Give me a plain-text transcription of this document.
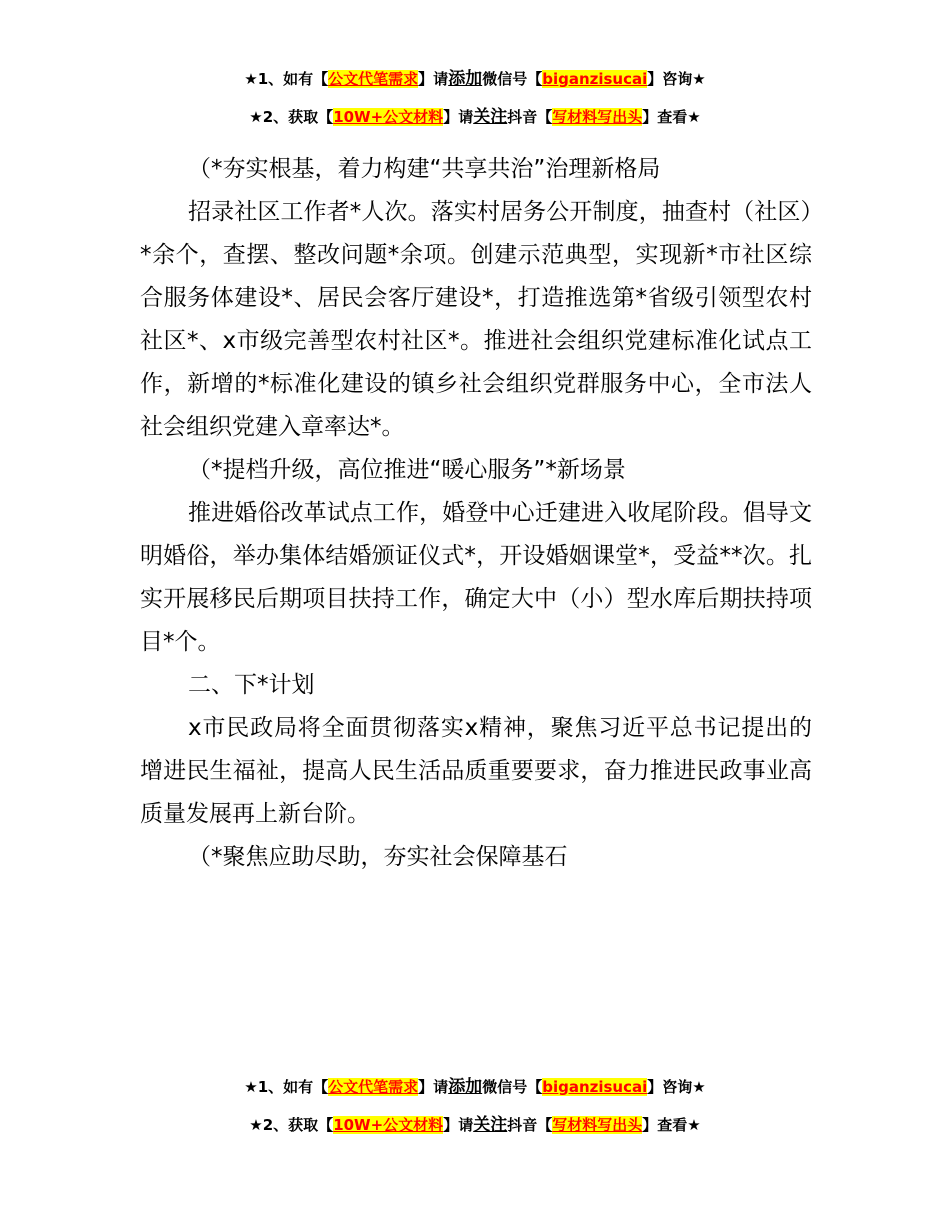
★1、如有【公文代笔需求】请添加微信号【biganzisucai】咨询★
★2、获取【10W+公文材料】请关注抖音【写材料写出头】查看★

（*夯实根基，着力构建“共享共治”治理新格局

招录社区工作者*人次。落实村居务公开制度，抽查村（社区）*余个，查摆、整改问题*余项。创建示范典型，实现新*市社区综合服务体建设*、居民会客厅建设*，打造推选第*省级引领型农村社区*、x市级完善型农村社区*。推进社会组织党建标准化试点工作，新增的*标准化建设的镇乡社会组织党群服务中心，全市法人社会组织党建入章率达*。

（*提档升级，高位推进“暖心服务”*新场景

推进婚俗改革试点工作，婚登中心迁建进入收尾阶段。倡导文明婚俗，举办集体结婚颁证仪式*，开设婚姻课堂*，受益**次。扎实开展移民后期项目扶持工作，确定大中（小）型水库后期扶持项目*个。

二、下*计划

x市民政局将全面贯彻落实x精神，聚焦习近平总书记提出的增进民生福祉，提高人民生活品质重要要求，奋力推进民政事业高质量发展再上新台阶。

（*聚焦应助尽助，夯实社会保障基石

★1、如有【公文代笔需求】请添加微信号【biganzisucai】咨询★
★2、获取【10W+公文材料】请关注抖音【写材料写出头】查看★
